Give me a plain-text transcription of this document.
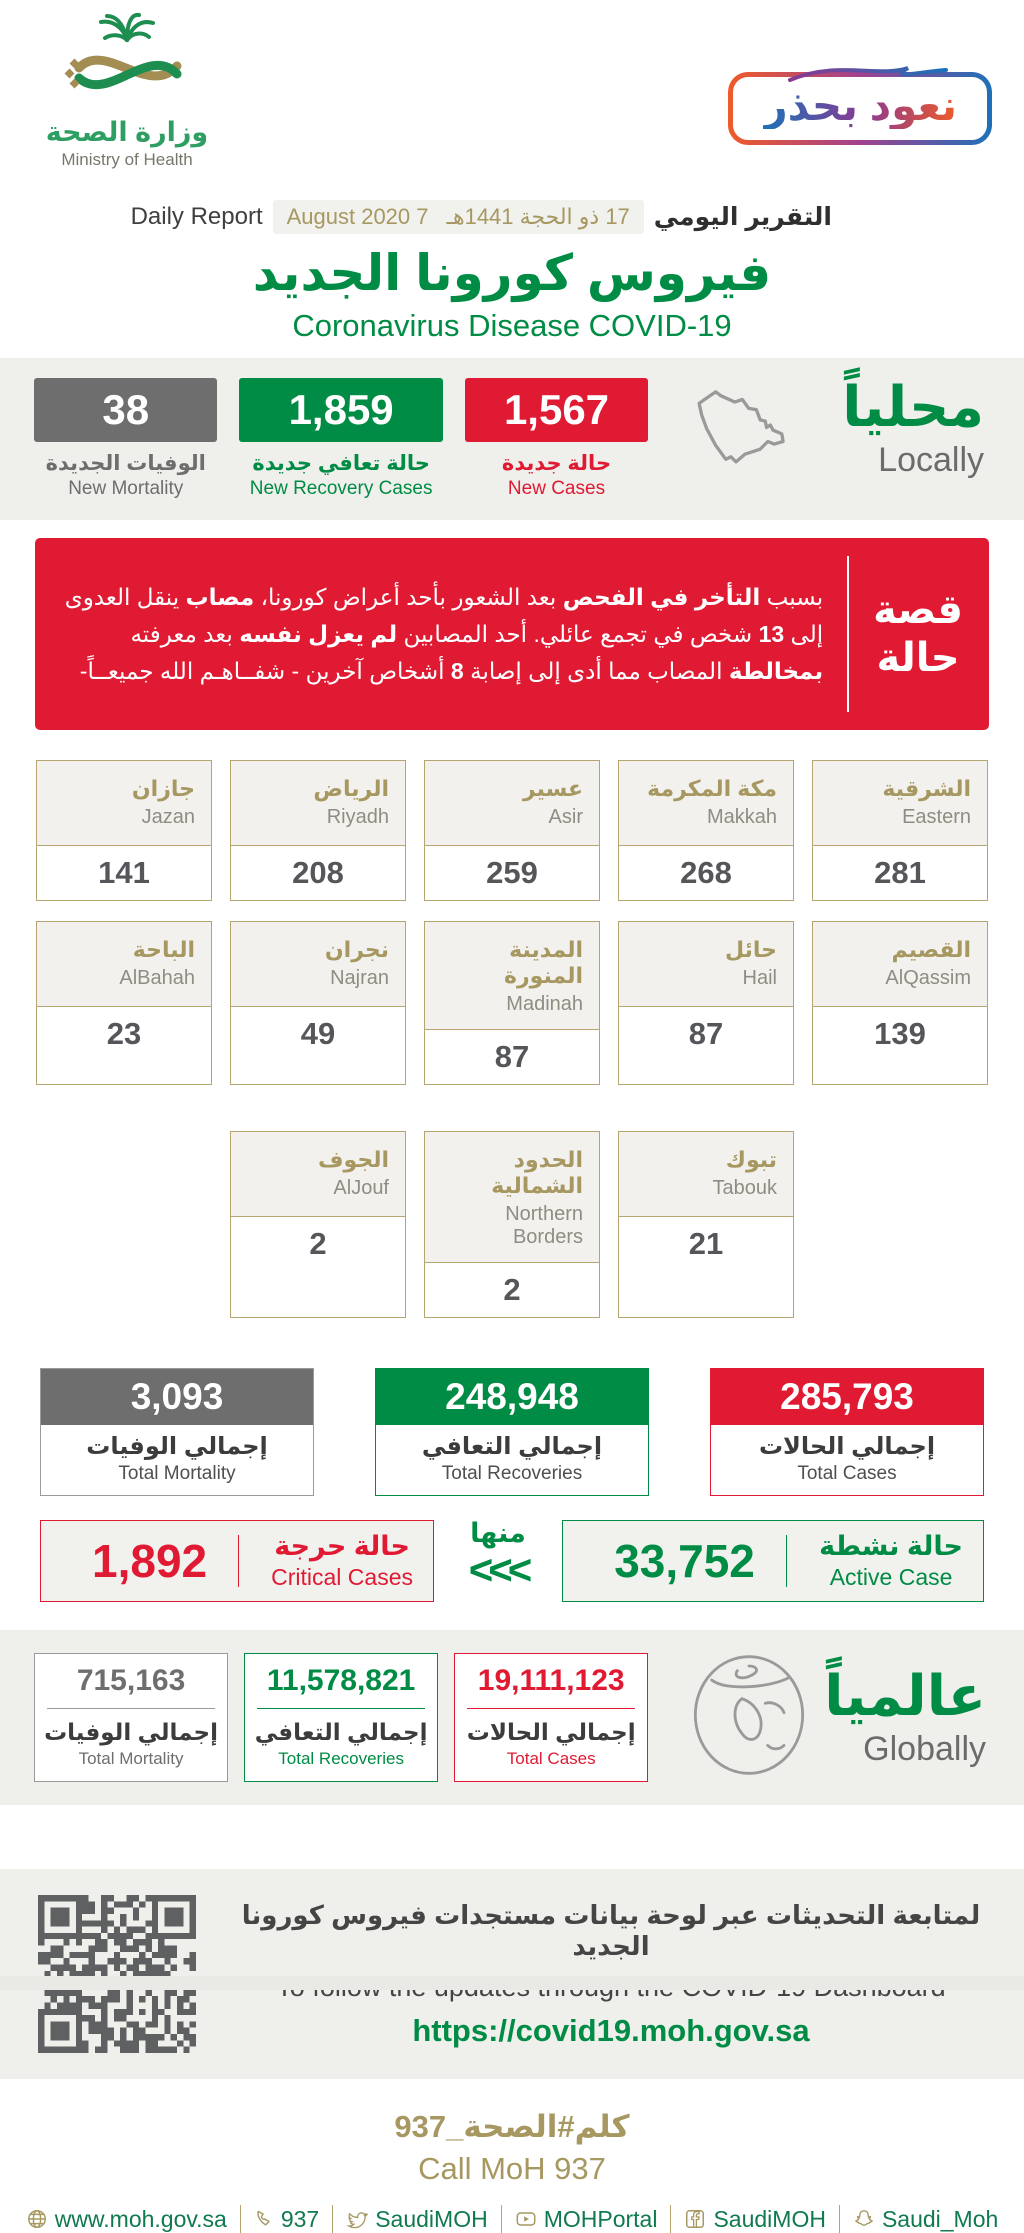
وزارة الصحة
Ministry of Health
نعود بحذر
Daily Report	17 ذو الحجة 1441هـ
7 August 2020	التقرير اليومي
فيروس كورونا الجديد
Coronavirus Disease COVID-19
38
الوفيات الجديدة
New Mortality
1,859
حالة تعافي جديدة
New Recovery Cases
1,567
حالة جديدة
New Cases
محلياً
Locally
قصة
حالة

بسبب التأخر في الفحص بعد الشعور بأحد أعراض كورونا، مصاب ينقل العدوى إلى 13 شخص في تجمع عائلي. أحد المصابين لم يعزل نفسه بعد معرفته بمخالطة المصاب مما أدى إلى إصابة 8 أشخاص آخرين - شفــاهـم الله جميعــاً-

جازان
Jazan
141
الرياض
Riyadh
208
عسير
Asir
259
مكة المكرمة
Makkah
268
الشرقية
Eastern
281
الباحة
AlBahah
23
نجران
Najran
49
المدينة المنورة
Madinah
87
حائل
Hail
87
القصيم
AlQassim
139
الجوف
AlJouf
2
الحدود الشمالية
Northern Borders
2
تبوك
Tabouk
21
3,093
إجمالي الوفيات
Total Mortality
248,948
إجمالي التعافي
Total Recoveries
285,793
إجمالي الحالات
Total Cases
حالة حرجة
Critical Cases
1,892
منها
<<<	حالة نشطة
Active Case
33,752
715,163
إجمالي الوفيات
Total Mortality
11,578,821
إجمالي التعافي
Total Recoveries
19,111,123
إجمالي الحالات
Total Cases
عالمياً
Globally
لمتابعة التحديثات عبر لوحة بيانات مستجدات فيروس كورونا الجديد
https://covid19.moh.gov.sa
كلم#الصحة_937
Call MoH 937
www.moh.gov.sa 937 SaudiMOH MOHPortal SaudiMOH Saudi_Moh
